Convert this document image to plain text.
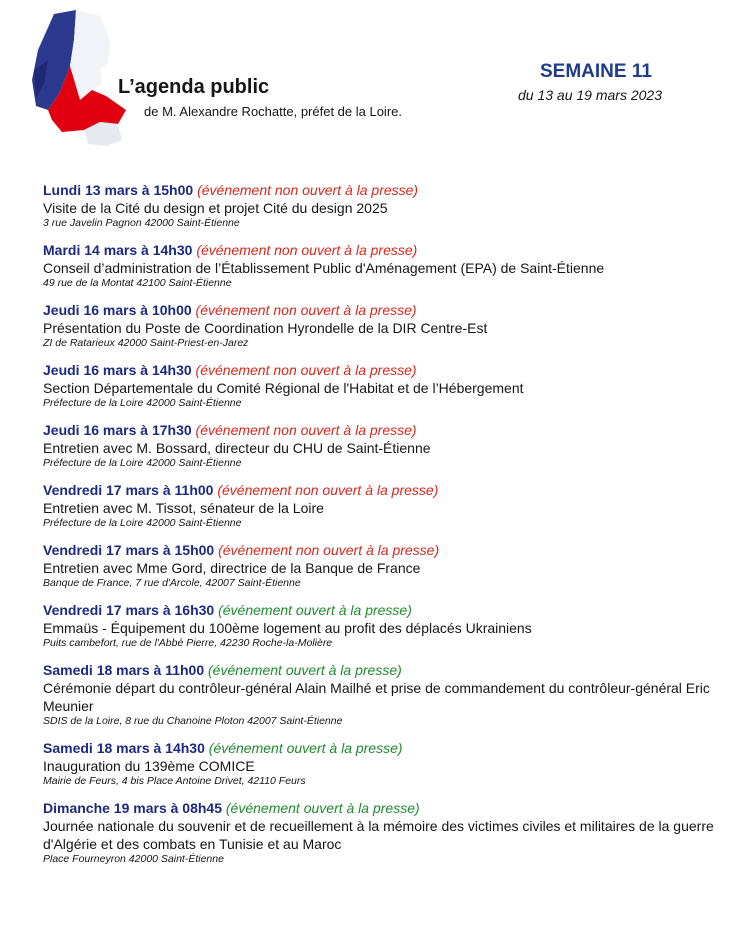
L’agenda public
de M. Alexandre Rochatte, préfet de la Loire.
SEMAINE 11
du 13 au 19 mars 2023
Lundi 13 mars à 15h00 (événement non ouvert à la presse)
Visite de la Cité du design et projet Cité du design 2025
3 rue Javelin Pagnon 42000 Saint-Étienne
Mardi 14 mars à 14h30 (événement non ouvert à la presse)
Conseil d’administration de l’Établissement Public d'Aménagement (EPA) de Saint-Étienne
49 rue de la Montat 42100 Saint-Étienne
Jeudi 16 mars à 10h00 (événement non ouvert à la presse)
Présentation du Poste de Coordination Hyrondelle de la DIR Centre-Est
ZI de Ratarieux 42000 Saint-Priest-en-Jarez
Jeudi 16 mars à 14h30 (événement non ouvert à la presse)
Section Départementale du Comité Régional de l'Habitat et de l’Hébergement
Préfecture de la Loire 42000 Saint-Étienne
Jeudi 16 mars à 17h30 (événement non ouvert à la presse)
Entretien avec M. Bossard, directeur du CHU de Saint-Étienne
Préfecture de la Loire 42000 Saint-Étienne
Vendredi 17 mars à 11h00 (événement non ouvert à la presse)
Entretien avec M. Tissot, sénateur de la Loire
Préfecture de la Loire 42000 Saint-Étienne
Vendredi 17 mars à 15h00 (événement non ouvert à la presse)
Entretien avec Mme Gord, directrice de la Banque de France
Banque de France, 7 rue d'Arcole, 42007 Saint-Étienne
Vendredi 17 mars à 16h30 (événement ouvert à la presse)
Emmaüs - Équipement du 100ème logement au profit des déplacés Ukrainiens
Puits cambefort, rue de l'Abbé Pierre, 42230 Roche-la-Molière
Samedi 18 mars à 11h00 (événement ouvert à la presse)
Cérémonie départ du contrôleur-général Alain Mailhé et prise de commandement du contrôleur-général Eric Meunier
SDIS de la Loire, 8 rue du Chanoine Ploton 42007 Saint-Étienne
Samedi 18 mars à 14h30 (événement ouvert à la presse)
Inauguration du 139ème COMICE
Mairie de Feurs, 4 bis Place Antoine Drivet, 42110 Feurs
Dimanche 19 mars à 08h45 (événement ouvert à la presse)
Journée nationale du souvenir et de recueillement à la mémoire des victimes civiles et militaires de la guerre d'Algérie et des combats en Tunisie et au Maroc
Place Fourneyron 42000 Saint-Étienne
